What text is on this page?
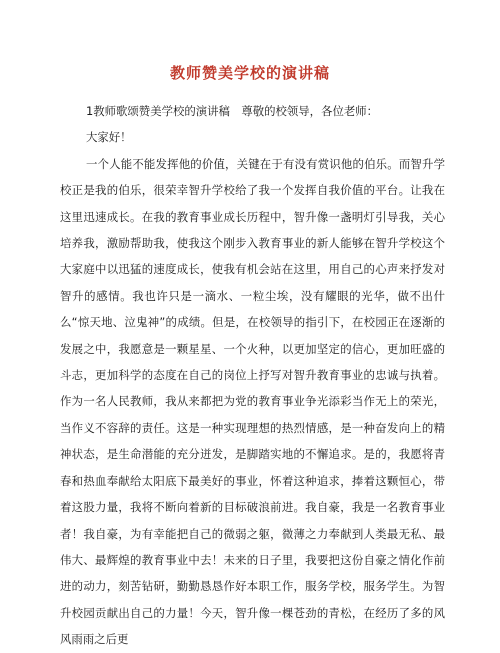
教师赞美学校的演讲稿

1教师歌颂赞美学校的演讲稿　尊敬的校领导，各位老师：

大家好！

一个人能不能发挥他的价值，关键在于有没有赏识他的伯乐。而智升学校正是我的伯乐，很荣幸智升学校给了我一个发挥自我价值的平台。让我在这里迅速成长。在我的教育事业成长历程中，智升像一盏明灯引导我，关心培养我，激励帮助我，使我这个刚步入教育事业的新人能够在智升学校这个大家庭中以迅猛的速度成长，使我有机会站在这里，用自己的心声来抒发对智升的感情。我也许只是一滴水、一粒尘埃，没有耀眼的光华，做不出什么“惊天地、泣鬼神”的成绩。但是，在校领导的指引下，在校园正在逐渐的发展之中，我愿意是一颗星星、一个火种，以更加坚定的信心，更加旺盛的斗志，更加科学的态度在自己的岗位上抒写对智升教育事业的忠诚与执着。作为一名人民教师，我从来都把为党的教育事业争光添彩当作无上的荣光，当作义不容辞的责任。这是一种实现理想的热烈情感，是一种奋发向上的精神状态，是生命潜能的充分迸发，是脚踏实地的不懈追求。是的，我愿将青春和热血奉献给太阳底下最美好的事业，怀着这种追求，捧着这颗恒心，带着这股力量，我将不断向着新的目标破浪前进。我自豪，我是一名教育事业者！我自豪，为有幸能把自己的微弱之躯，微薄之力奉献到人类最无私、最伟大、最辉煌的教育事业中去！未来的日子里，我要把这份自豪之情化作前进的动力，刻苦钻研，勤勤恳恳作好本职工作，服务学校，服务学生。为智升校园贡献出自己的力量！今天，智升像一棵苍劲的青松，在经历了多的风风雨雨之后更
